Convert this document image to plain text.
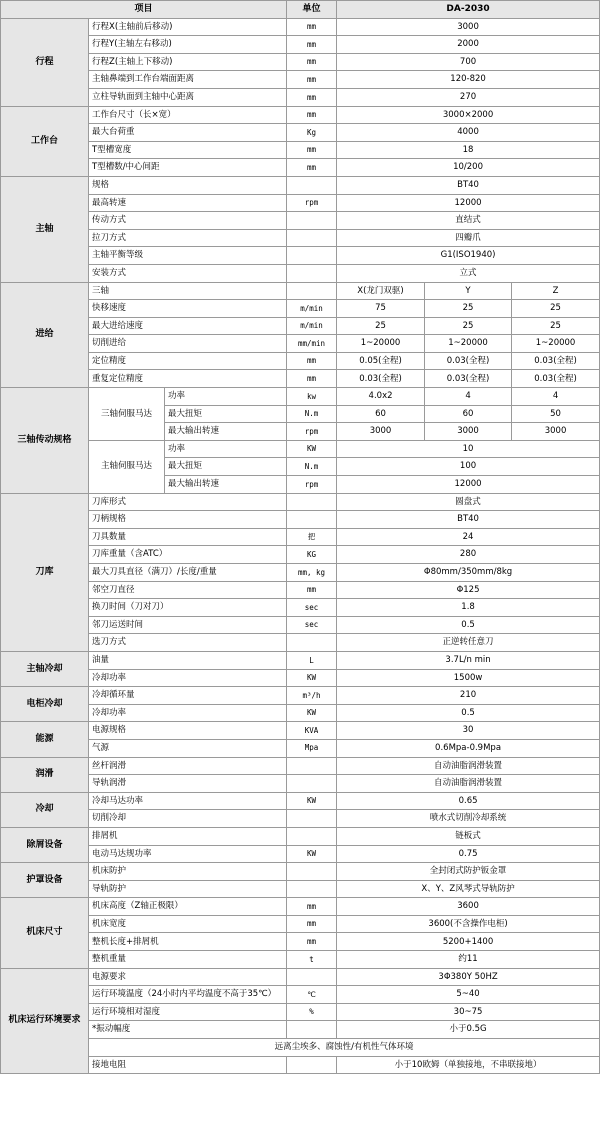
项目			单位	DA-2030		
行程	行程X(主轴前后移动)		mm	3000		
	行程Y(主轴左右移动)		mm	2000		
	行程Z(主轴上下移动)		mm	700		
	主轴鼻端到工作台端面距离		mm	120-820		
	立柱导轨面到主轴中心距离		mm	270		
工作台	工作台尺寸（长×宽）		mm	3000×2000		
	最大台荷重		Kg	4000		
	T型槽宽度		mm	18		
	T型槽数/中心间距		mm	10/200		
主轴	规格			BT40		
	最高转速		rpm	12000		
	传动方式			直结式		
	拉刀方式			四瓣爪		
	主轴平衡等级			G1(ISO1940)		
	安装方式			立式		
进给	三轴			X(龙门双驱)	Y	Z
	快移速度		m/min	75	25	25
	最大进给速度		m/min	25	25	25
	切削进给		mm/min	1~20000	1~20000	1~20000
	定位精度		mm	0.05(全程)	0.03(全程)	0.03(全程)
	重复定位精度		mm	0.03(全程)	0.03(全程)	0.03(全程)
三轴传动规格	三轴伺服马达	功率	kw	4.0x2	4	4
		最大扭矩	N.m	60	60	50
		最大输出转速	rpm	3000	3000	3000
	主轴伺服马达	功率	KW	10		
		最大扭矩	N.m	100		
		最大输出转速	rpm	12000		
刀库	刀库形式			圆盘式		
	刀柄规格			BT40		
	刀具数量		把	24		
	刀库重量（含ATC）		KG	280		
	最大刀具直径（满刀）/长度/重量		mm, kg	Φ80mm/350mm/8kg		
	邻空刀直径		mm	Φ125		
	换刀时间（刀对刀）		sec	1.8		
	邻刀运送时间		sec	0.5		
	选刀方式			正逆转任意刀		
主轴冷却	油量		L	3.7L/n min		
	冷却功率		KW	1500w		
电柜冷却	冷却循环量		m³/h	210		
	冷却功率		KW	0.5		
能源	电源规格		KVA	30		
	气源		Mpa	0.6Mpa-0.9Mpa		
润滑	丝杆润滑			自动油脂润滑装置		
	导轨润滑			自动油脂润滑装置		
冷却	冷却马达功率		KW	0.65		
	切削冷却			喷水式切削冷却系统		
除屑设备	排屑机			链板式		
	电动马达规功率		KW	0.75		
护罩设备	机床防护			全封闭式防护钣金罩		
	导轨防护			X、Y、Z风琴式导轨防护		
机床尺寸	机床高度（Z轴正极限）		mm	3600		
	机床宽度		mm	3600(不含操作电柜)		
	整机长度+排屑机		mm	5200+1400		
	整机重量		t	约11		
机床运行环境要求	电源要求			3Φ380Y 50HZ		
	运行环境温度（24小时内平均温度不高于35℃）		℃	5~40		
	运行环境相对湿度		%	30~75		
	*振动幅度			小于0.5G		
	远离尘埃多、腐蚀性/有机性气体环境					
	接地电阻			小于10欧姆（单独接地，不串联接地）		
